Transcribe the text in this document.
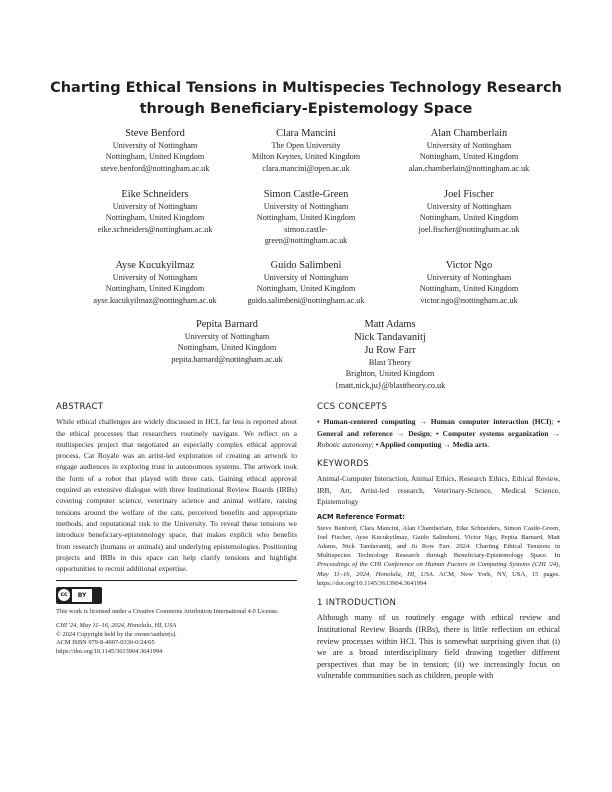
Charting Ethical Tensions in Multispecies Technology Research
through Beneficiary-Epistemology Space
Steve Benford
University of Nottingham
Nottingham, United Kingdom
steve.benford@nottingham.ac.uk
Clara Mancini
The Open University
Milton Keynes, United Kingdom
clara.mancini@open.ac.uk
Alan Chamberlain
University of Nottingham
Nottingham, United Kingdom
alan.chamberlain@nottingham.ac.uk
Eike Schneiders
University of Nottingham
Nottingham, United Kingdom
eike.schneiders@nottingham.ac.uk
Simon Castle-Green
University of Nottingham
Nottingham, United Kingdom
simon.castle-
green@nottingham.ac.uk
Joel Fischer
University of Nottingham
Nottingham, United Kingdom
joel.fischer@nottingham.ac.uk
Ayse Kucukyilmaz
University of Nottingham
Nottingham, United Kingdom
ayse.kucukyilmaz@nottingham.ac.uk
Guido Salimbeni
University of Nottingham
Nottingham, United Kingdom
guido.salimbeni@nottingham.ac.uk
Victor Ngo
University of Nottingham
Nottingham, United Kingdom
victor.ngo@nottingham.ac.uk
Pepita Barnard
University of Nottingham
Nottingham, United Kingdom
pepita.barnard@nottingham.ac.uk
Matt Adams
Nick Tandavanitj
Ju Row Farr
Blast Theory
Brighton, United Kingdom
{matt,nick,ju}@blasttheory.co.uk
ABSTRACT

While ethical challenges are widely discussed in HCI, far less is reported about the ethical processes that researchers routinely navigate. We reflect on a multispecies project that negotiated an especially complex ethical approval process. Cat Royale was an artist-led exploration of creating an artwork to engage audiences in exploring trust in autonomous systems. The artwork took the form of a robot that played with three cats. Gaining ethical approval required an extensive dialogue with three Institutional Review Boards (IRBs) covering computer science, veterinary science and animal welfare, raising tensions around the welfare of the cats, perceived benefits and appropriate methods, and reputational risk to the University. To reveal these tensions we introduce beneficiary-epistemology space, that makes explicit who benefits from research (humans or animals) and underlying epistemologies. Positioning projects and IRBs in this space can help clarify tensions and highlight opportunities to recruit additional expertise.

cc BY
This work is licensed under a Creative Commons Attribution International 4.0 License.
CHI '24, May 11–16, 2024, Honolulu, HI, USA
© 2024 Copyright held by the owner/author(s).
ACM ISBN 979-8-4007-0330-0/24/05
https://doi.org/10.1145/3613904.3641994
CCS CONCEPTS

• Human-centered computing → Human computer interaction (HCI); • General and reference → Design; • Computer systems organization → Robotic autonomy; • Applied computing → Media arts.

KEYWORDS

Animal-Computer Interaction, Animal Ethics, Research Ethics, Ethical Review, IRB, Art, Artist-led research, Veterinary-Science, Medical Science, Epistemology

ACM Reference Format:

Steve Benford, Clara Mancini, Alan Chamberlain, Eike Schneiders, Simon Castle-Green, Joel Fischer, Ayse Kucukyilmaz, Guido Salimbeni, Victor Ngo, Pepita Barnard, Matt Adams, Nick Tandavanitj, and Ju Row Farr. 2024. Charting Ethical Tensions in Multispecies Technology Research through Beneficiary-Epistemology Space. In Proceedings of the CHI Conference on Human Factors in Computing Systems (CHI '24), May 11–16, 2024, Honolulu, HI, USA. ACM, New York, NY, USA, 15 pages. https://doi.org/10.1145/3613904.3641994

1 INTRODUCTION

Although many of us routinely engage with ethical review and Institutional Review Boards (IRBs), there is little reflection on ethical review processes within HCI. This is somewhat surprising given that (i) we are a broad interdisciplinary field drawing together different perspectives that may be in tension; (ii) we increasingly focus on vulnerable communities such as children, people with
